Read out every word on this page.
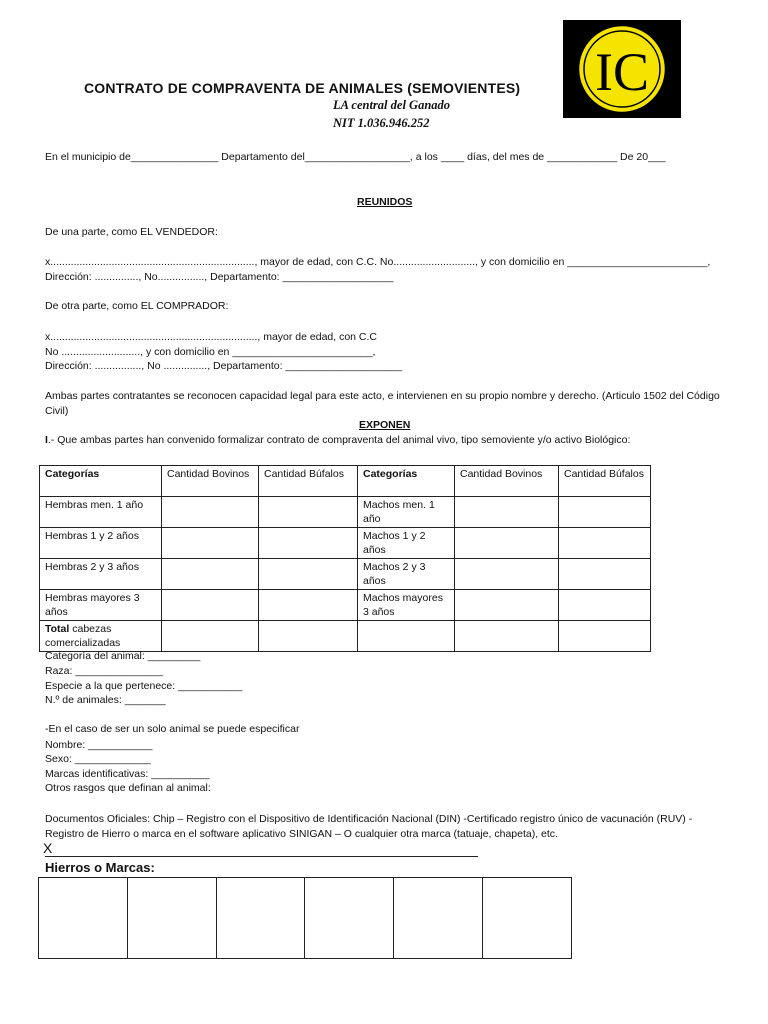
IC
CONTRATO DE COMPRAVENTA DE ANIMALES (SEMOVIENTES)
LA central del Ganado
NIT 1.036.946.252
En el municipio de_______________ Departamento del__________________, a los ____ días, del mes de ____________ De 20___
REUNIDOS
De una parte, como EL VENDEDOR:
x......................................................................, mayor de edad, con C.C. No............................, y con domicilio en ________________________,
Dirección: ..............., No................, Departamento: ___________________
De otra parte, como EL COMPRADOR:
x......................................................................., mayor de edad, con C.C
No ..........................., y con domicilio en ________________________,
Dirección: ................, No ..............., Departamento: ____________________
Ambas partes contratantes se reconocen capacidad legal para este acto, e intervienen en su propio nombre y derecho. (Articulo 1502 del Código Civil)
EXPONEN
I.- Que ambas partes han convenido formalizar contrato de compraventa del animal vivo, tipo semoviente y/o activo Biológico:
Categorías	Cantidad Bovinos	Cantidad Búfalos	Categorías	Cantidad Bovinos	Cantidad Búfalos
Hembras men. 1 año			Machos men. 1 año		
Hembras 1 y 2 años			Machos 1 y 2 años		
Hembras 2 y 3 años			Machos 2 y 3 años		
Hembras mayores 3 años			Machos mayores 3 años		
Total cabezas comercializadas					
Categoría del animal: _________
Raza: _______________
Especie a la que pertenece: ___________
N.º de animales: _______
-En el caso de ser un solo animal se puede especificar
Nombre: ___________
Sexo: _____________
Marcas identificativas: __________
Otros rasgos que definan al animal:
Documentos Oficiales: Chip – Registro con el Dispositivo de Identificación Nacional (DIN) -Certificado registro único de vacunación (RUV) - Registro de Hierro o marca en el software aplicativo SINIGAN – O cualquier otra marca (tatuaje, chapeta), etc.
X
Hierros o Marcas:
